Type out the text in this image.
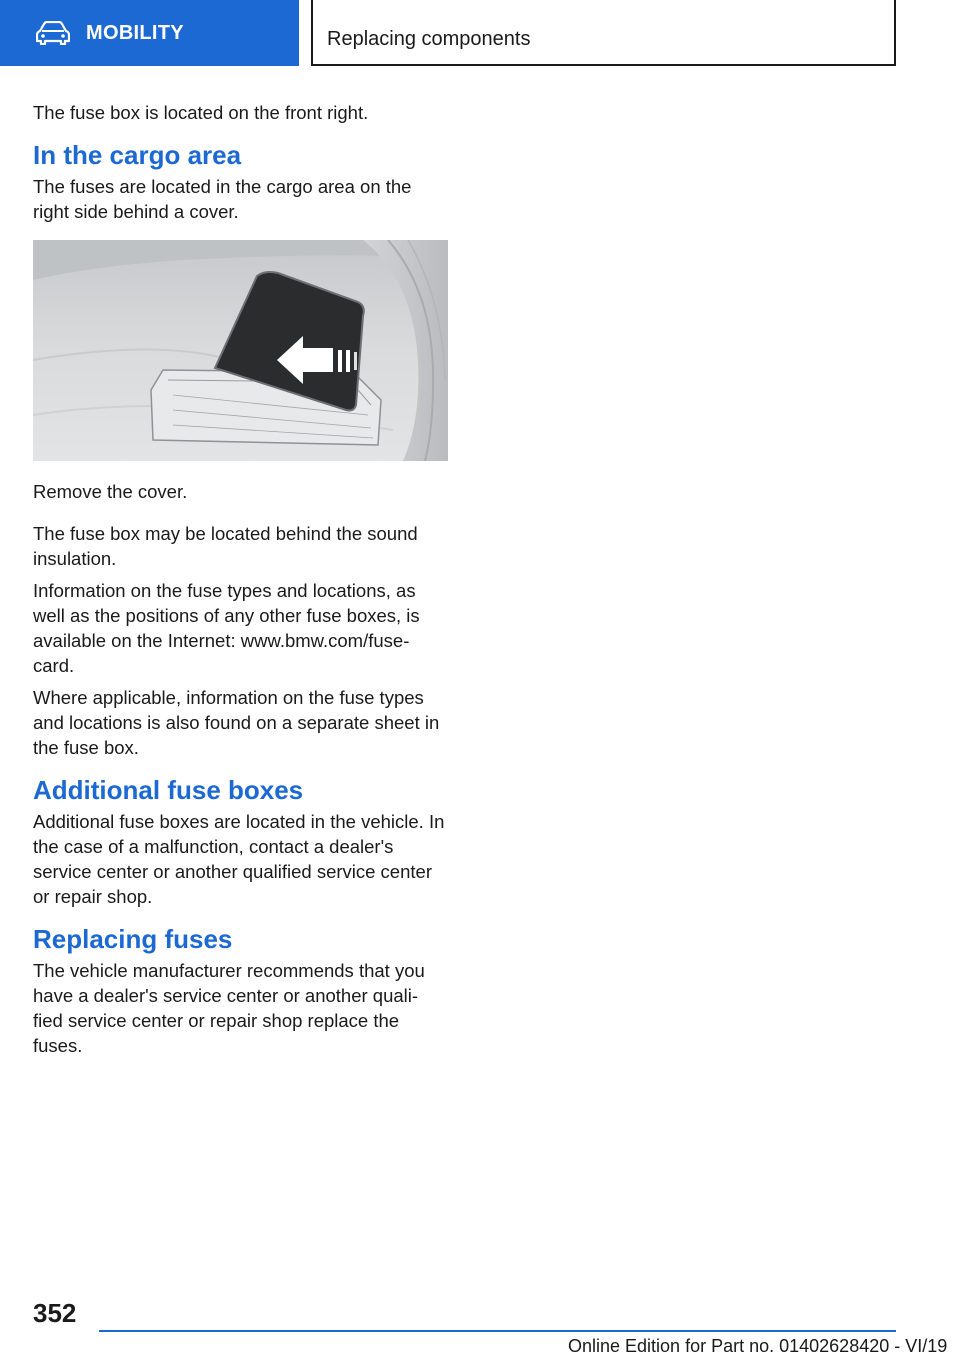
MOBILITY	Replacing components

The fuse box is located on the front right.

In the cargo area

The fuses are located in the cargo area on the right side behind a cover.

Remove the cover.

The fuse box may be located behind the sound insulation.

Information on the fuse types and locations, as well as the positions of any other fuse boxes, is available on the Internet: www.bmw.com/fuse-card.

Where applicable, information on the fuse types and locations is also found on a separate sheet in the fuse box.

Additional fuse boxes

Additional fuse boxes are located in the vehicle. In the case of a malfunction, contact a dealer's service center or another qualified service center or repair shop.

Replacing fuses

The vehicle manufacturer recommends that you have a dealer's service center or another quali‐ fied service center or repair shop replace the fuses.

352
Online Edition for Part no. 01402628420 - VI/19
